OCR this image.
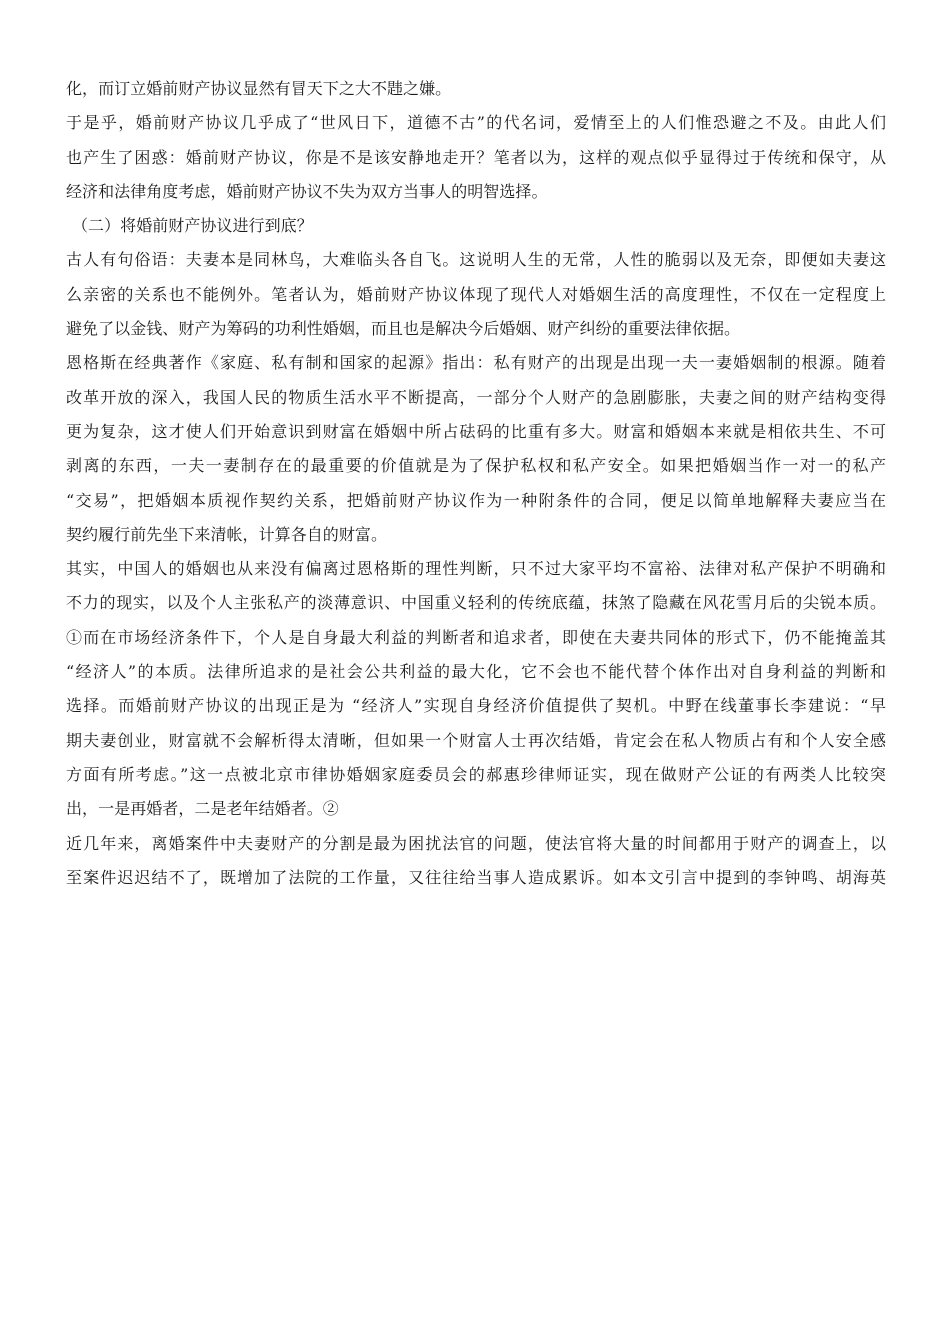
化，而订立婚前财产协议显然有冒天下之大不韪之嫌。

于是乎，婚前财产协议几乎成了“世风日下，道德不古”的代名词，爱情至上的人们惟恐避之不及。由此人们
也产生了困惑：婚前财产协议，你是不是该安静地走开？笔者以为，这样的观点似乎显得过于传统和保守，从
经济和法律角度考虑，婚前财产协议不失为双方当事人的明智选择。

（二）将婚前财产协议进行到底？

古人有句俗语：夫妻本是同林鸟，大难临头各自飞。这说明人生的无常，人性的脆弱以及无奈，即便如夫妻这
么亲密的关系也不能例外。笔者认为，婚前财产协议体现了现代人对婚姻生活的高度理性，不仅在一定程度上
避免了以金钱、财产为筹码的功利性婚姻，而且也是解决今后婚姻、财产纠纷的重要法律依据。

恩格斯在经典著作《家庭、私有制和国家的起源》指出：私有财产的出现是出现一夫一妻婚姻制的根源。随着
改革开放的深入，我国人民的物质生活水平不断提高，一部分个人财产的急剧膨胀，夫妻之间的财产结构变得
更为复杂，这才使人们开始意识到财富在婚姻中所占砝码的比重有多大。财富和婚姻本来就是相依共生、不可
剥离的东西，一夫一妻制存在的最重要的价值就是为了保护私权和私产安全。如果把婚姻当作一对一的私产
“交易”，把婚姻本质视作契约关系，把婚前财产协议作为一种附条件的合同，便足以简单地解释夫妻应当在
契约履行前先坐下来清帐，计算各自的财富。

其实，中国人的婚姻也从来没有偏离过恩格斯的理性判断，只不过大家平均不富裕、法律对私产保护不明确和
不力的现实，以及个人主张私产的淡薄意识、中国重义轻利的传统底蕴，抹煞了隐藏在风花雪月后的尖锐本质。
①而在市场经济条件下，个人是自身最大利益的判断者和追求者，即使在夫妻共同体的形式下，仍不能掩盖其
“经济人”的本质。法律所追求的是社会公共利益的最大化，它不会也不能代替个体作出对自身利益的判断和
选择。而婚前财产协议的出现正是为 “经济人”实现自身经济价值提供了契机。中野在线董事长李建说：“早
期夫妻创业，财富就不会解析得太清晰，但如果一个财富人士再次结婚，肯定会在私人物质占有和个人安全感
方面有所考虑。”这一点被北京市律协婚姻家庭委员会的郝惠珍律师证实，现在做财产公证的有两类人比较突
出，一是再婚者，二是老年结婚者。②

近几年来，离婚案件中夫妻财产的分割是最为困扰法官的问题，使法官将大量的时间都用于财产的调查上，以
至案件迟迟结不了，既增加了法院的工作量，又往往给当事人造成累诉。如本文引言中提到的李钟鸣、胡海英
